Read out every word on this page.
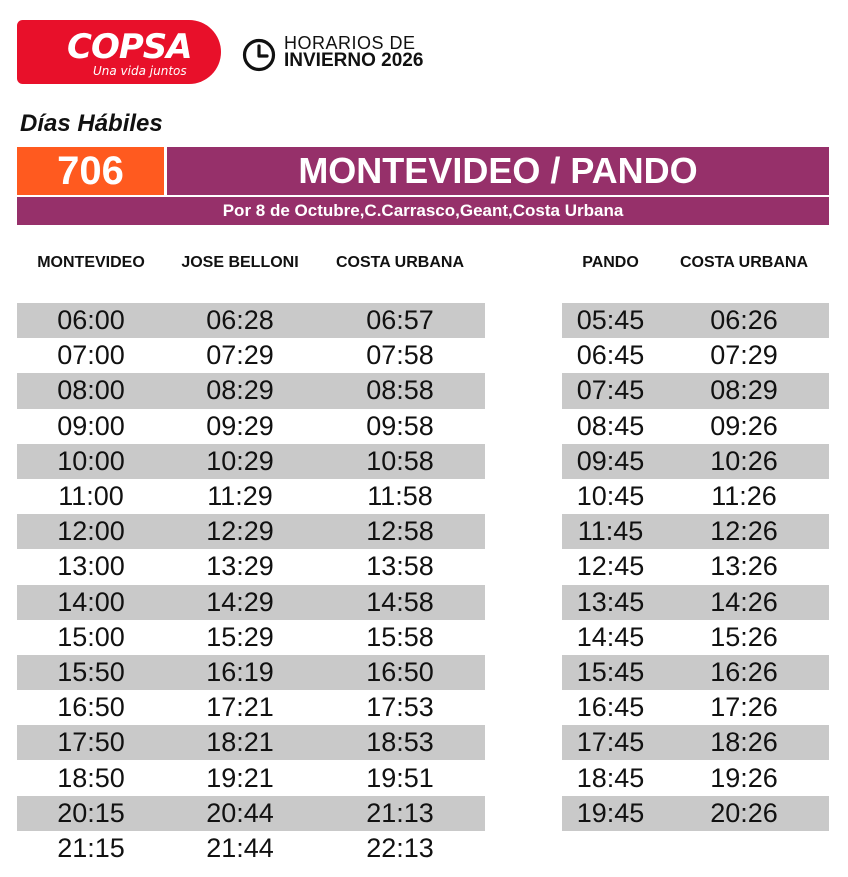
COPSA
Una vida juntos
HORARIOS DE
INVIERNO 2026
Días Hábiles
706	MONTEVIDEO / PANDO
Por 8 de Octubre,C.Carrasco,Geant,Costa Urbana
MONTEVIDEO	JOSE BELLONI	COSTA URBANA	PANDO	COSTA URBANA
06:00	06:28	06:57
07:00	07:29	07:58
08:00	08:29	08:58
09:00	09:29	09:58
10:00	10:29	10:58
11:00	11:29	11:58
12:00	12:29	12:58
13:00	13:29	13:58
14:00	14:29	14:58
15:00	15:29	15:58
15:50	16:19	16:50
16:50	17:21	17:53
17:50	18:21	18:53
18:50	19:21	19:51
20:15	20:44	21:13
21:15	21:44	22:13
05:45	06:26
06:45	07:29
07:45	08:29
08:45	09:26
09:45	10:26
10:45	11:26
11:45	12:26
12:45	13:26
13:45	14:26
14:45	15:26
15:45	16:26
16:45	17:26
17:45	18:26
18:45	19:26
19:45	20:26
